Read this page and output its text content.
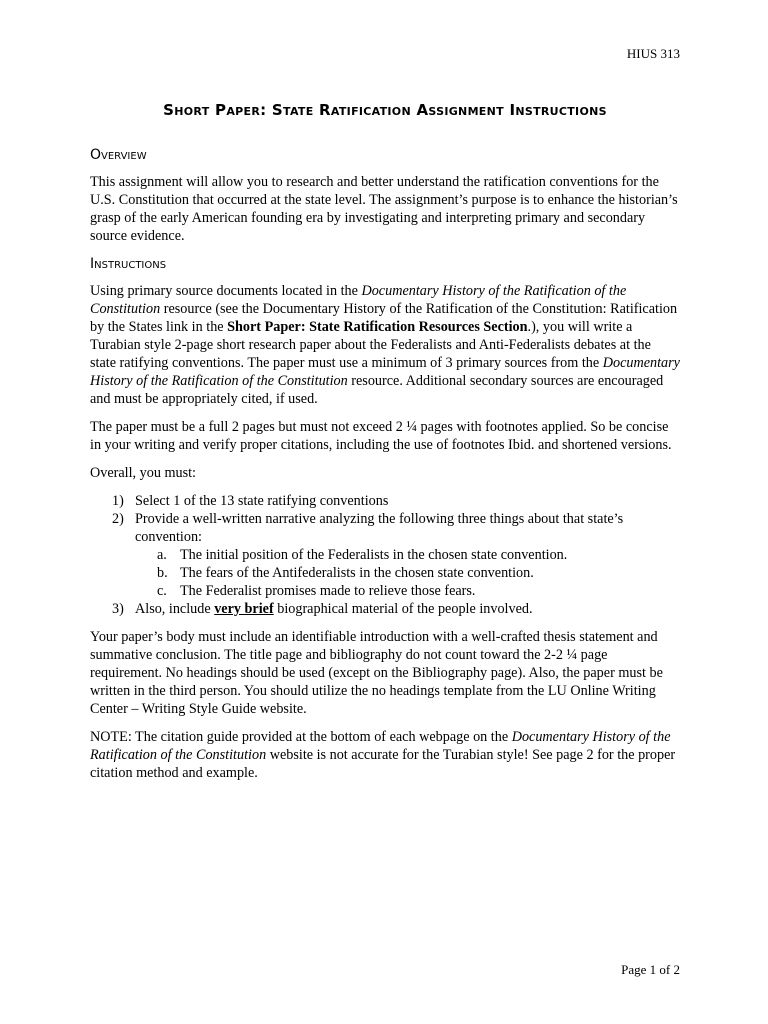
HIUS 313
Short Paper: State Ratification Assignment Instructions
Overview

This assignment will allow you to research and better understand the ratification conventions for the U.S. Constitution that occurred at the state level. The assignment’s purpose is to enhance the historian’s grasp of the early American founding era by investigating and interpreting primary and secondary source evidence.

Instructions

Using primary source documents located in the Documentary History of the Ratification of the Constitution resource (see the Documentary History of the Ratification of the Constitution: Ratification by the States link in the Short Paper: State Ratification Resources Section.), you will write a Turabian style 2-page short research paper about the Federalists and Anti-Federalists debates at the state ratifying conventions. The paper must use a minimum of 3 primary sources from the Documentary History of the Ratification of the Constitution resource. Additional secondary sources are encouraged and must be appropriately cited, if used.

The paper must be a full 2 pages but must not exceed 2 ¼ pages with footnotes applied. So be concise in your writing and verify proper citations, including the use of footnotes Ibid. and shortened versions.

Overall, you must:

1) Select 1 of the 13 state ratifying conventions
2) Provide a well-written narrative analyzing the following three things about that state’s convention:
a. The initial position of the Federalists in the chosen state convention.
b. The fears of the Antifederalists in the chosen state convention.
c. The Federalist promises made to relieve those fears.
3) Also, include very brief biographical material of the people involved.

Your paper’s body must include an identifiable introduction with a well-crafted thesis statement and summative conclusion. The title page and bibliography do not count toward the 2-2 ¼ page requirement. No headings should be used (except on the Bibliography page). Also, the paper must be written in the third person. You should utilize the no headings template from the LU Online Writing Center – Writing Style Guide website.

NOTE: The citation guide provided at the bottom of each webpage on the Documentary History of the Ratification of the Constitution website is not accurate for the Turabian style! See page 2 for the proper citation method and example.

Page 1 of 2
